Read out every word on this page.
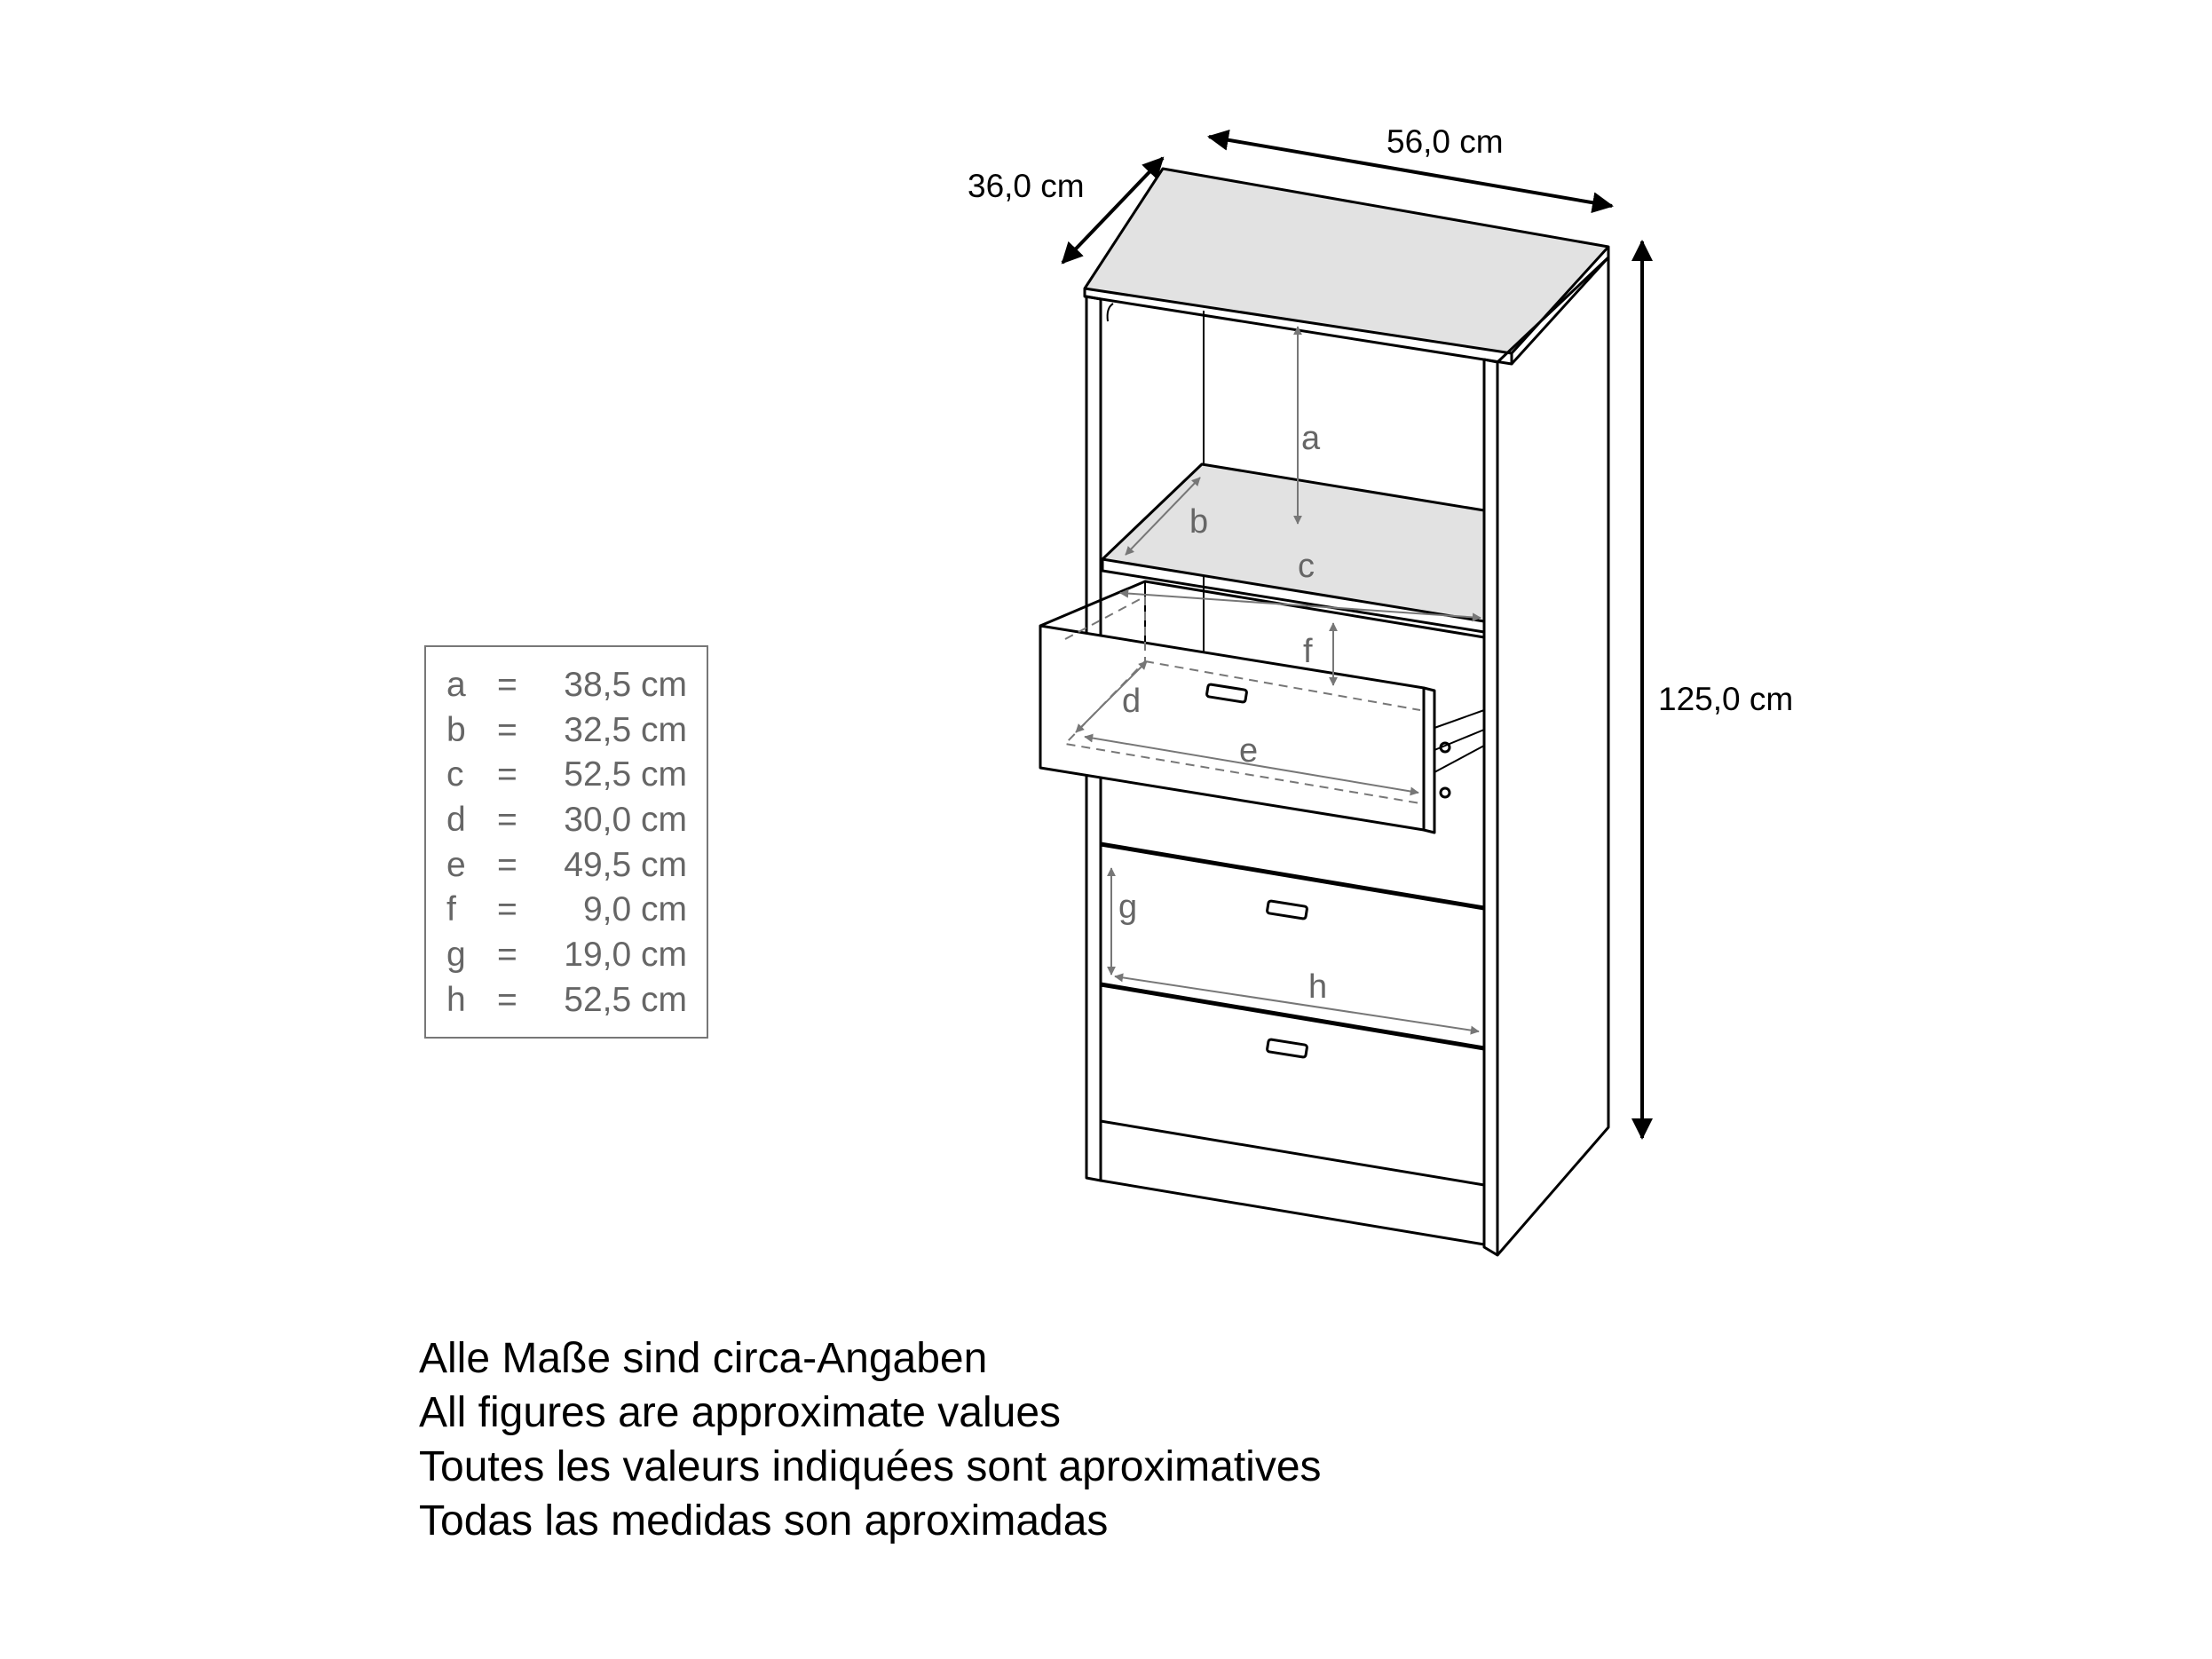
56,0 cm
36,0 cm
125,0 cm
a
b
c
f
d
e
g
h
a = 38,5 cm
b = 32,5 cm
c = 52,5 cm
d = 30,0 cm
e = 49,5 cm
f = 9,0 cm
g = 19,0 cm
h = 52,5 cm
Alle Maße sind circa-Angaben
All figures are approximate values
Toutes les valeurs indiquées sont aproximatives
Todas las medidas son aproximadas
